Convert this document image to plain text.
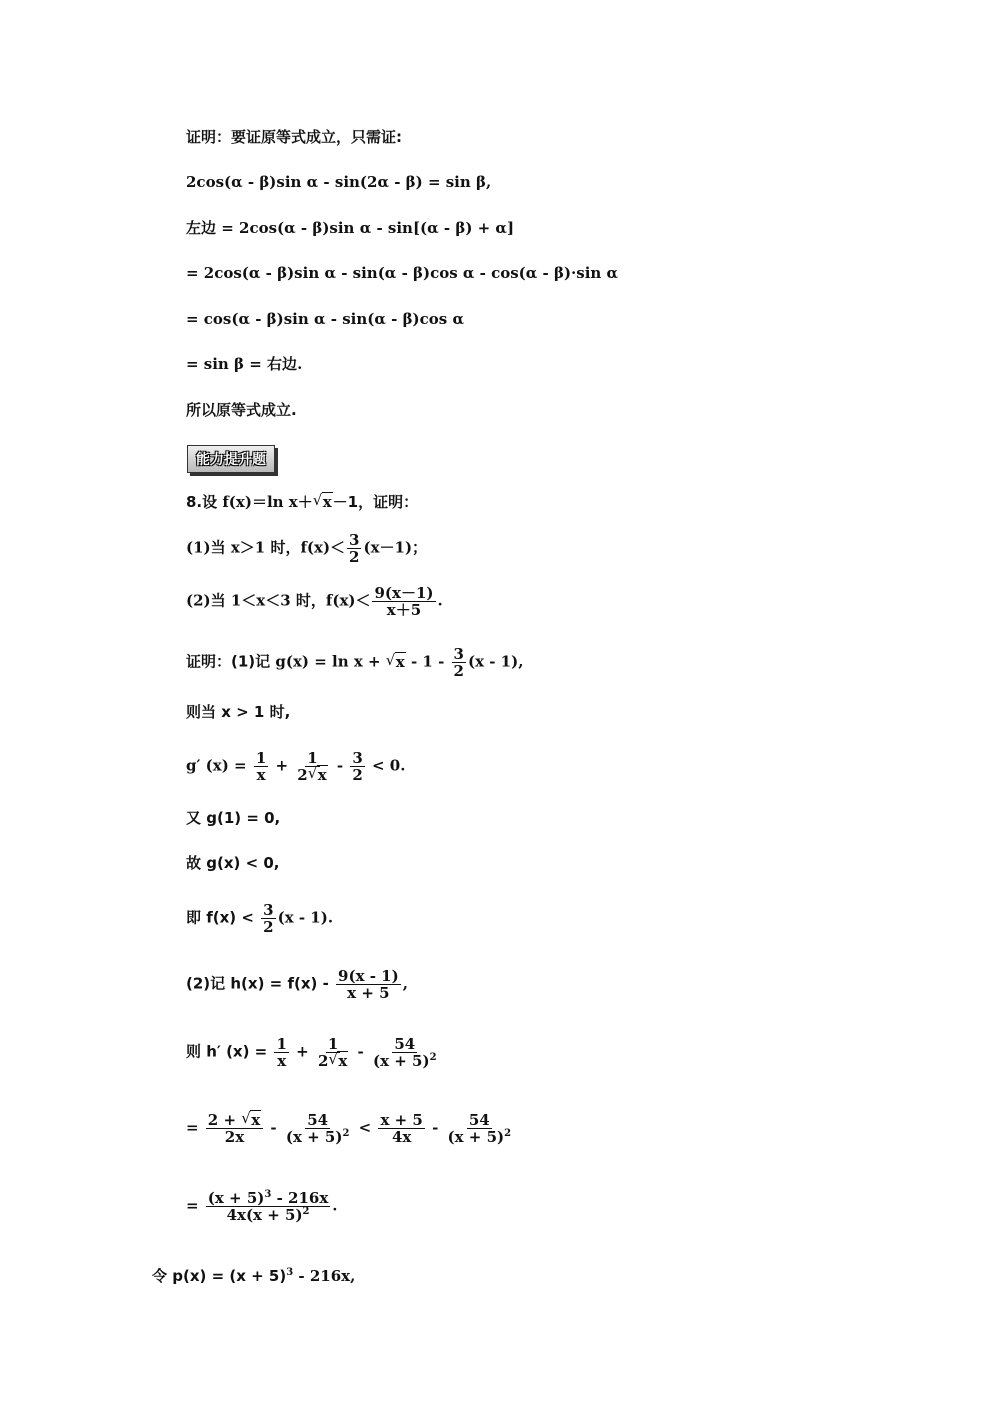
证明：要证原等式成立，只需证:
2cos(α - β)sin α - sin(2α - β) = sin β,
左边 = 2cos(α - β)sin α - sin[(α - β) + α]
= 2cos(α - β)sin α - sin(α - β)cos α - cos(α - β)·sin α
= cos(α - β)sin α - sin(α - β)cos α
= sin β = 右边.
所以原等式成立.
能力提升题
8.设 f(x)＝ln x＋ √ x－1，证明：
(1)当 x＞1 时，$f(x)< \frac{3}{2} (x-1)$；
(2)当 1＜x＜3 时，$f(x)< \frac{9(x-1)}{x+5}$ .
证明：(1)记 g(x) = ln x + √ x - $1 - \frac{3}{2} (x - 1)$,
则当 x > 1 时,
g′ $(x) = \frac{1}{x} + \frac{1}{2 √ x} - \frac{3}{2} < 0$.
又 g(1) = 0,
故 g(x) < 0,
即 $f(x) < \frac{3}{2} (x - 1)$.
(2)记 $h(x) = f(x) - \frac{9(x - 1)}{x + 5}$ ,
则 h′ $(x) = \frac{1}{x} + \frac{1}{2 √ x} - \frac{54}{(x + 5)^2}$
= $\frac{2 + √ x}{2x} - \frac{54}{(x + 5)^2} < \frac{x + 5}{4x} - \frac{54}{(x + 5)^2}$
= $\frac{(x + 5)^3 - 216x}{4x(x + 5)^2}$ .
令 $p(x) = (x + 5)^3 - 216x$,
